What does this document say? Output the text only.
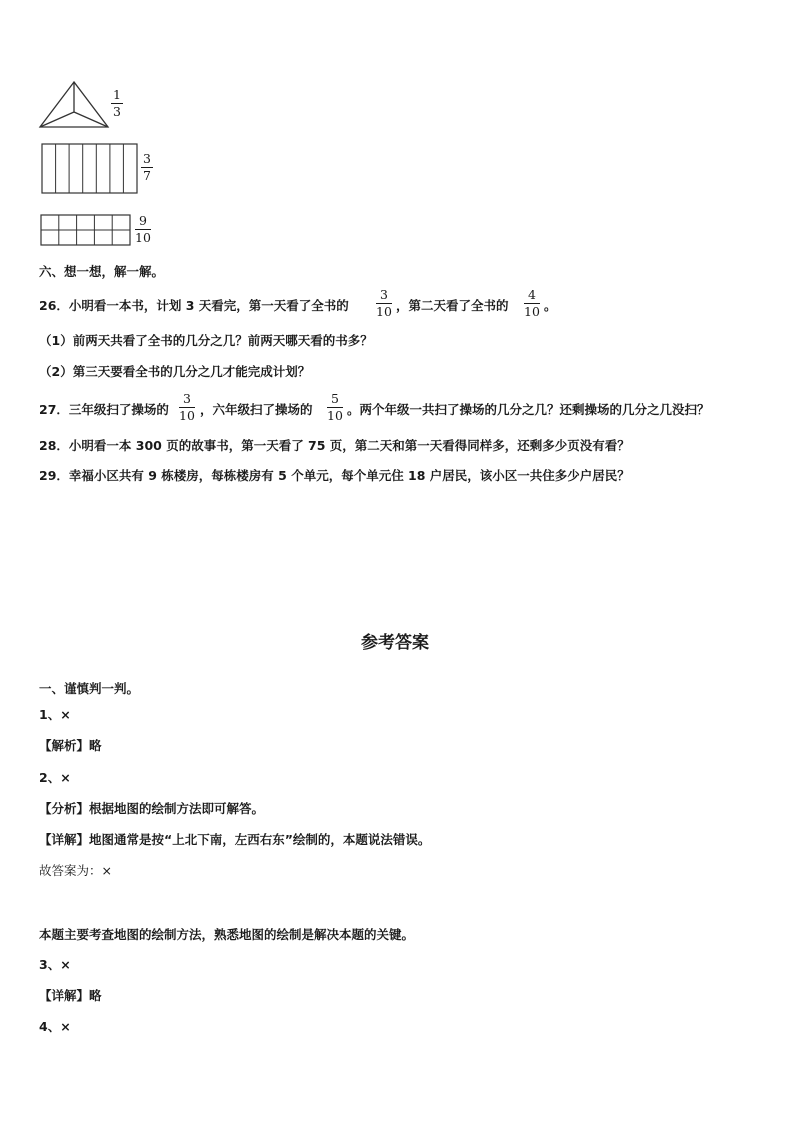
1
3
3
7
9
10
六、想一想，解一解。
26．小明看一本书，计划 3 天看完，第一天看了全书的
3
10 ，第二天看了全书的
4
10 。
（1）前两天共看了全书的几分之几？前两天哪天看的书多？
（2）第三天要看全书的几分之几才能完成计划？
27．三年级扫了操场的
3
10 ，六年级扫了操场的
5
10 。两个年级一共扫了操场的几分之几？还剩操场的几分之几没扫？
28．小明看一本 300 页的故事书，第一天看了 75 页，第二天和第一天看得同样多，还剩多少页没有看？
29．幸福小区共有 9 栋楼房，每栋楼房有 5 个单元，每个单元住 18 户居民，该小区一共住多少户居民？
参考答案
一、谨慎判一判。
1、×
【解析】略
2、×
【分析】根据地图的绘制方法即可解答。
【详解】地图通常是按“上北下南，左西右东”绘制的，本题说法错误。
故答案为：×
本题主要考查地图的绘制方法，熟悉地图的绘制是解决本题的关键。
3、×
【详解】略
4、×
